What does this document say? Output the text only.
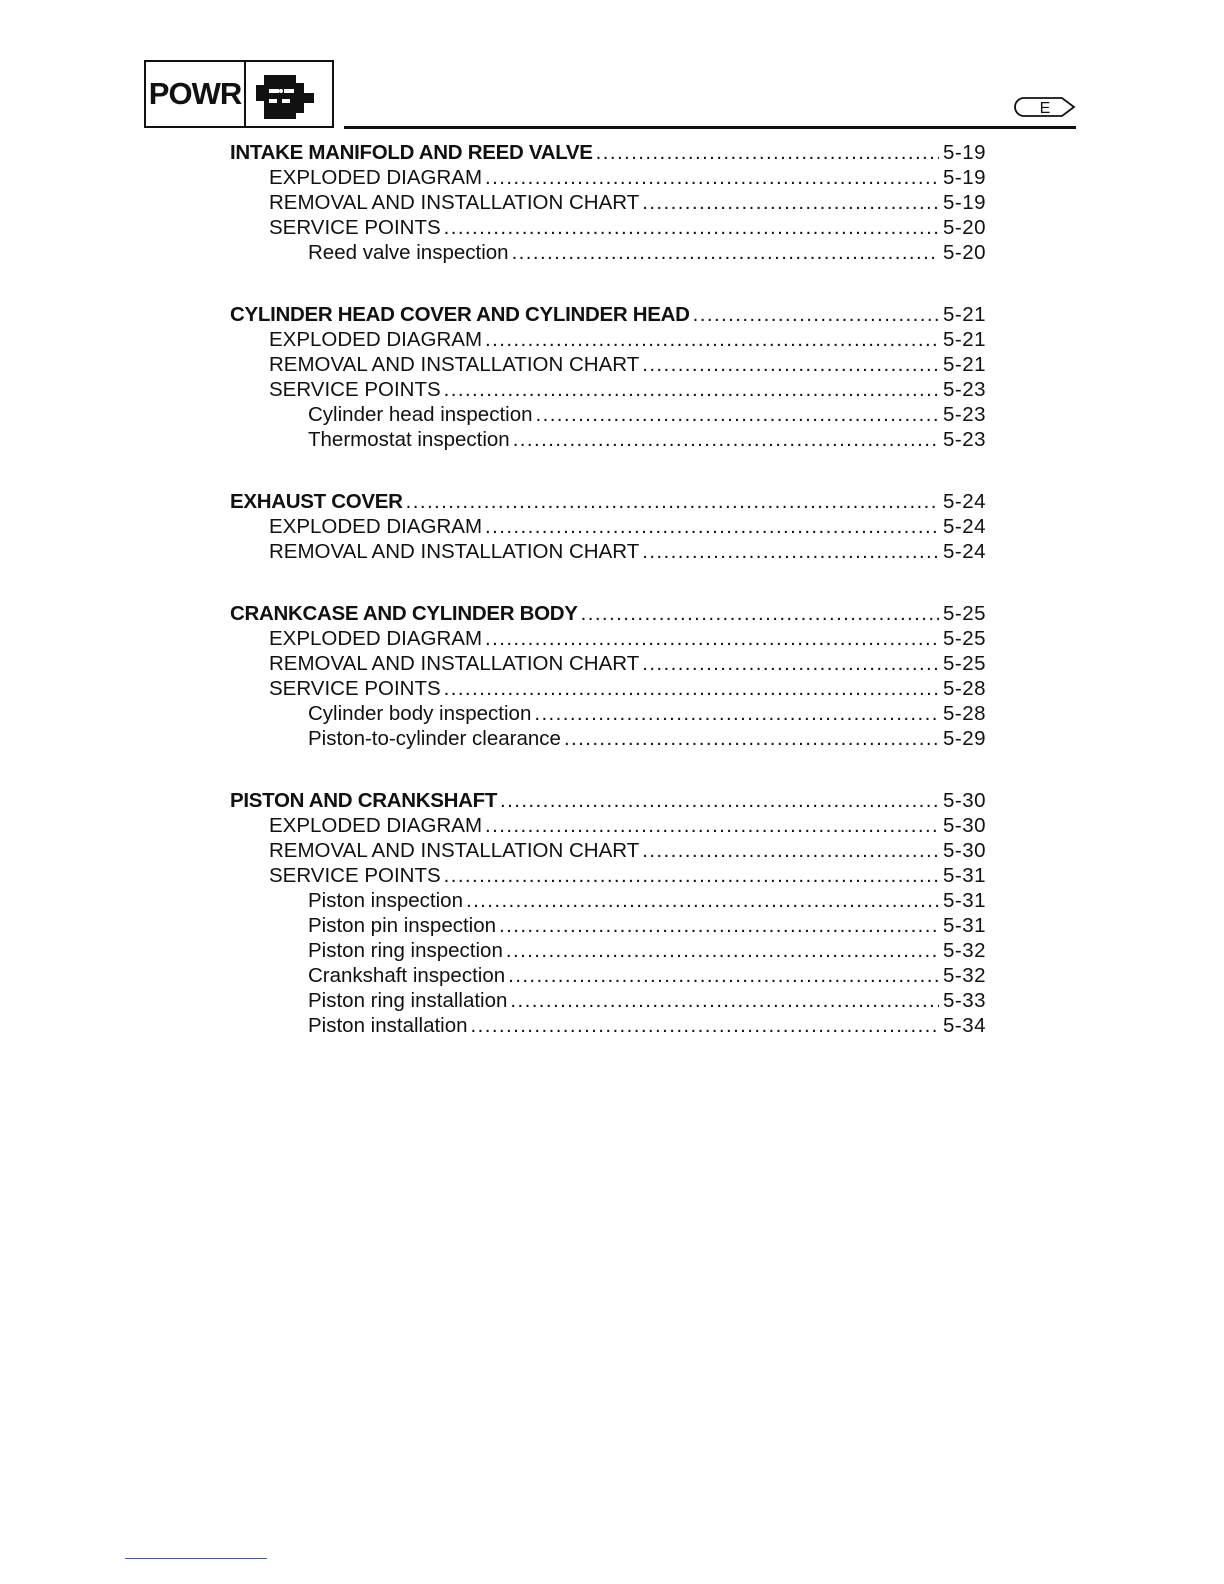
POWR	E
INTAKE MANIFOLD AND REED VALVE .....	5-19
EXPLODED DIAGRAM .....	5-19
REMOVAL AND INSTALLATION CHART .....	5-19
SERVICE POINTS .....	5-20
Reed valve inspection .....	5-20
CYLINDER HEAD COVER AND CYLINDER HEAD .....	5-21
EXPLODED DIAGRAM .....	5-21
REMOVAL AND INSTALLATION CHART .....	5-21
SERVICE POINTS .....	5-23
Cylinder head inspection .....	5-23
Thermostat inspection .....	5-23
EXHAUST COVER .....	5-24
EXPLODED DIAGRAM .....	5-24
REMOVAL AND INSTALLATION CHART .....	5-24
CRANKCASE AND CYLINDER BODY .....	5-25
EXPLODED DIAGRAM .....	5-25
REMOVAL AND INSTALLATION CHART .....	5-25
SERVICE POINTS .....	5-28
Cylinder body inspection .....	5-28
Piston-to-cylinder clearance .....	5-29
PISTON AND CRANKSHAFT .....	5-30
EXPLODED DIAGRAM .....	5-30
REMOVAL AND INSTALLATION CHART .....	5-30
SERVICE POINTS .....	5-31
Piston inspection .....	5-31
Piston pin inspection .....	5-31
Piston ring inspection .....	5-32
Crankshaft inspection .....	5-32
Piston ring installation .....	5-33
Piston installation .....	5-34
